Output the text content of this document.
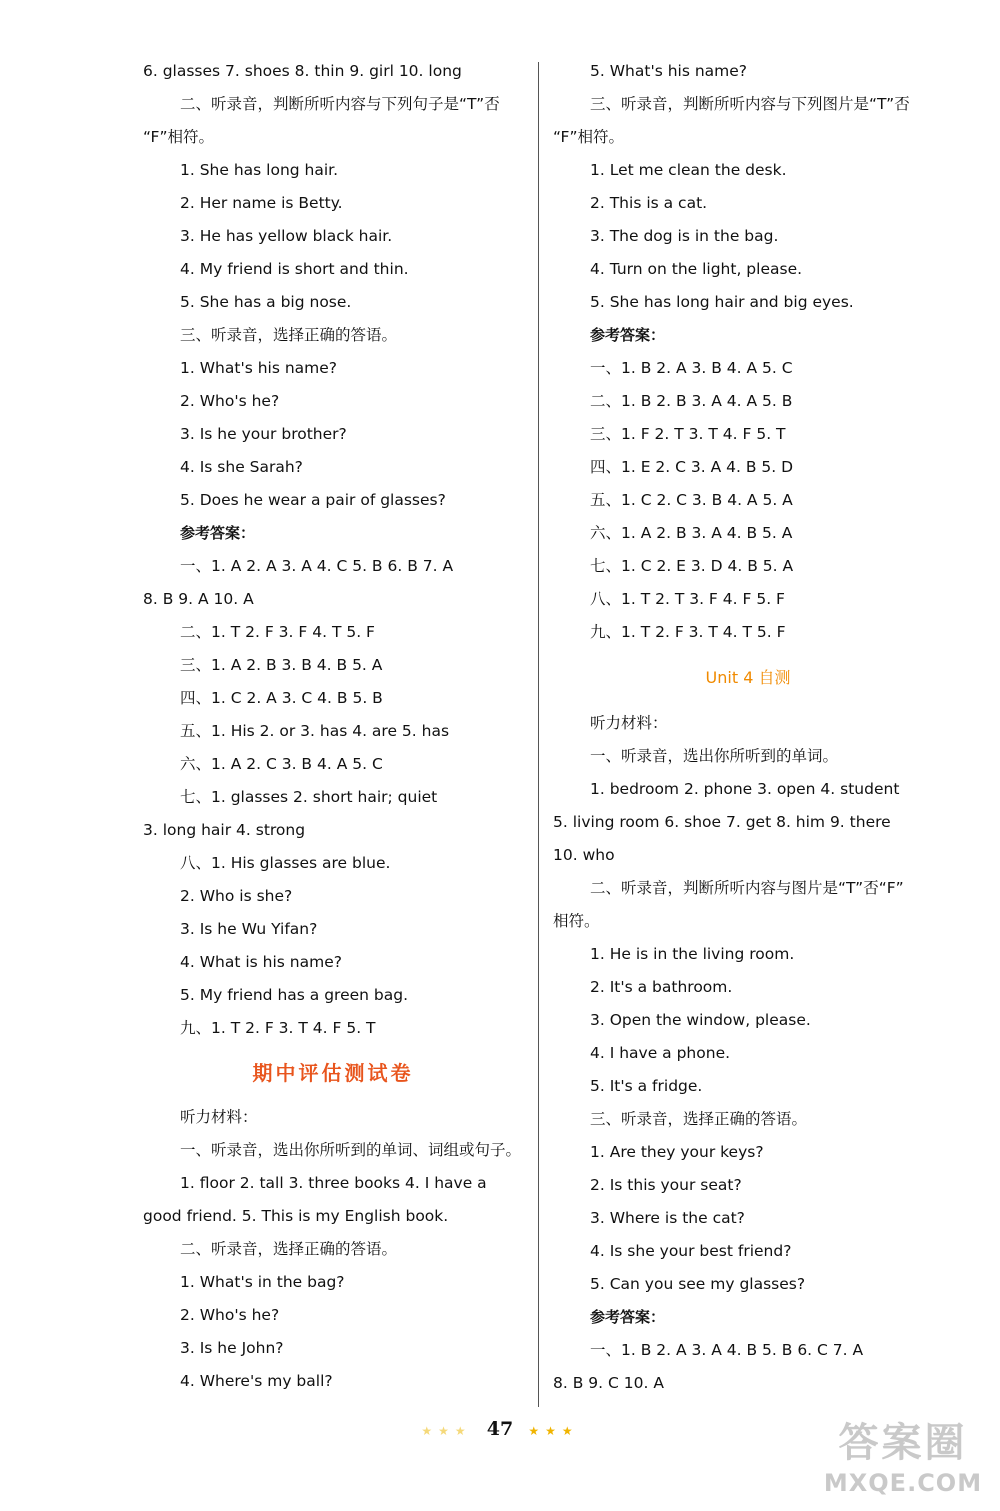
6. glasses 7. shoes 8. thin 9. girl 10. long
二、听录音，判断所听内容与下列句子是“T”否
“F”相符。
1. She has long hair.
2. Her name is Betty.
3. He has yellow black hair.
4. My friend is short and thin.
5. She has a big nose.
三、听录音，选择正确的答语。
1. What's his name?
2. Who's he?
3. Is he your brother?
4. Is she Sarah?
5. Does he wear a pair of glasses?
参考答案：
一、1. A 2. A 3. A 4. C 5. B 6. B 7. A
8. B 9. A 10. A
二、1. T 2. F 3. F 4. T 5. F
三、1. A 2. B 3. B 4. B 5. A
四、1. C 2. A 3. C 4. B 5. B
五、1. His 2. or 3. has 4. are 5. has
六、1. A 2. C 3. B 4. A 5. C
七、1. glasses 2. short hair; quiet
3. long hair 4. strong
八、1. His glasses are blue.
2. Who is she?
3. Is he Wu Yifan?
4. What is his name?
5. My friend has a green bag.
九、1. T 2. F 3. T 4. F 5. T
期中评估测试卷
听力材料：
一、听录音，选出你所听到的单词、词组或句子。
1. floor 2. tall 3. three books 4. I have a
good friend. 5. This is my English book.
二、听录音，选择正确的答语。
1. What's in the bag?
2. Who's he?
3. Is he John?
4. Where's my ball?
5. What's his name?
三、听录音，判断所听内容与下列图片是“T”否
“F”相符。
1. Let me clean the desk.
2. This is a cat.
3. The dog is in the bag.
4. Turn on the light, please.
5. She has long hair and big eyes.
参考答案：
一、1. B 2. A 3. B 4. A 5. C
二、1. B 2. B 3. A 4. A 5. B
三、1. F 2. T 3. T 4. F 5. T
四、1. E 2. C 3. A 4. B 5. D
五、1. C 2. C 3. B 4. A 5. A
六、1. A 2. B 3. A 4. B 5. A
七、1. C 2. E 3. D 4. B 5. A
八、1. T 2. T 3. F 4. F 5. F
九、1. T 2. F 3. T 4. T 5. F
Unit 4 自测
听力材料：
一、听录音，选出你所听到的单词。
1. bedroom 2. phone 3. open 4. student
5. living room 6. shoe 7. get 8. him 9. there
10. who
二、听录音，判断所听内容与图片是“T”否“F”
相符。
1. He is in the living room.
2. It's a bathroom.
3. Open the window, please.
4. I have a phone.
5. It's a fridge.
三、听录音，选择正确的答语。
1. Are they your keys?
2. Is this your seat?
3. Where is the cat?
4. Is she your best friend?
5. Can you see my glasses?
参考答案：
一、1. B 2. A 3. A 4. B 5. B 6. C 7. A
8. B 9. C 10. A
★★★ 47 ★★★	答案圈
MXQE.COM
